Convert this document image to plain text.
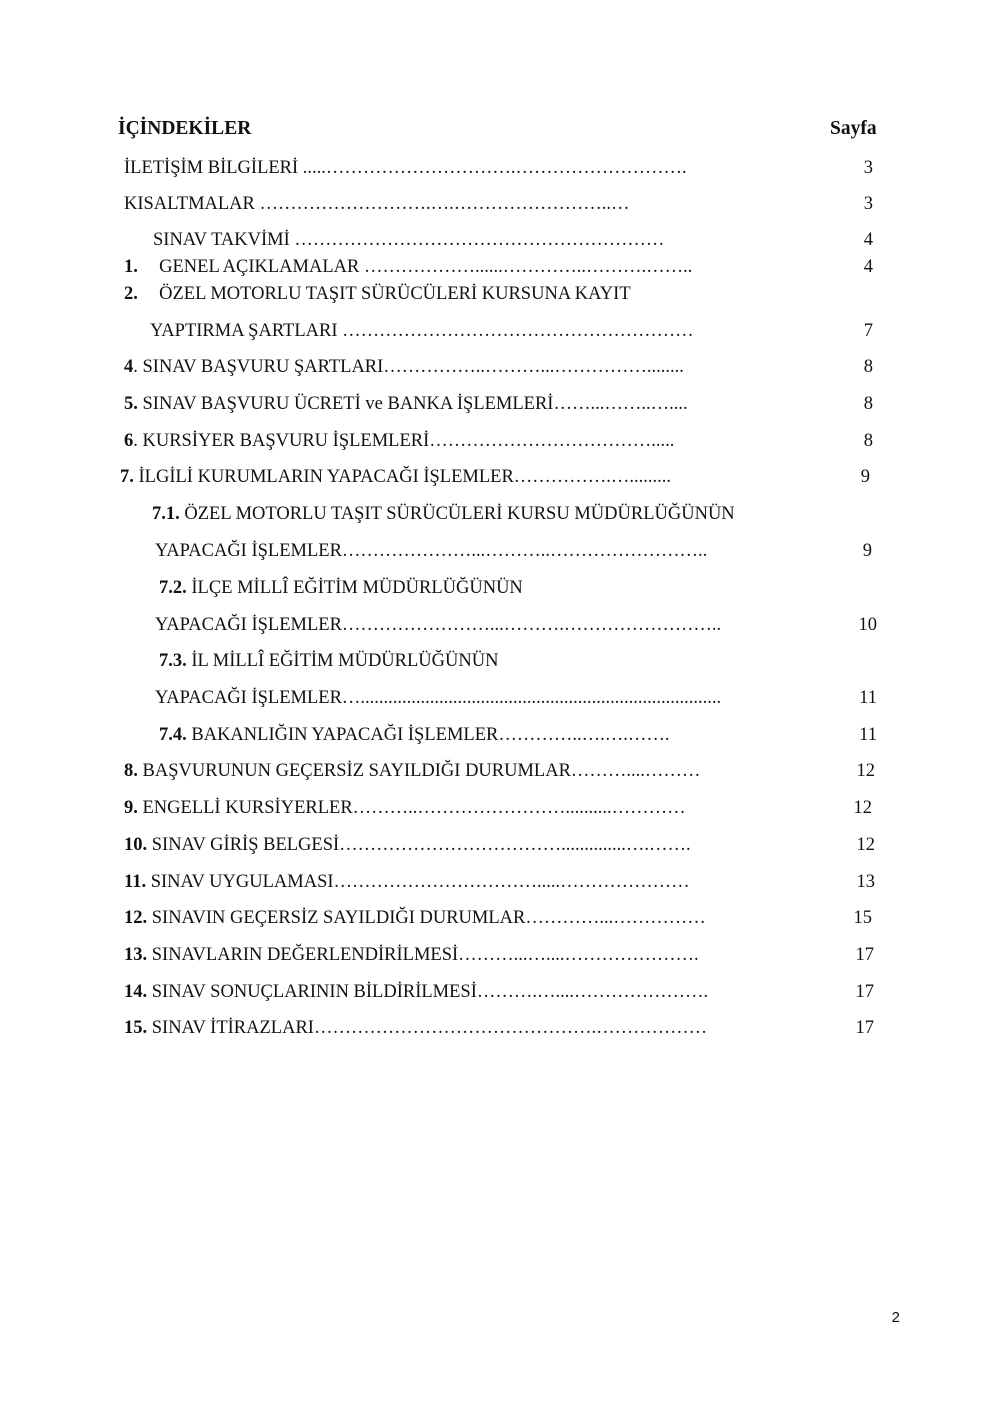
İÇİNDEKİLER	Sayfa
İLETİŞİM BİLGİLERİ .....………………………….……………………….	3
KISALTMALAR ……………………….….……………………..…	3
SINAV TAKVİMİ ……………………………………………………	4
1. GENEL AÇIKLAMALAR ………………......…………..……….……..	4
2. ÖZEL MOTORLU TAŞIT SÜRÜCÜLERİ KURSUNA KAYIT
YAPTIRMA ŞARTLARI …………………………………………………	7
4. SINAV BAŞVURU ŞARTLARI……………..………...……………........	8
5. SINAV BAŞVURU ÜCRETİ ve BANKA İŞLEMLERİ……...……..…....	8
6. KURSİYER BAŞVURU İŞLEMLERİ……………………………….....	8
7. İLGİLİ KURUMLARIN YAPACAĞI İŞLEMLER…………….….........	9
7.1. ÖZEL MOTORLU TAŞIT SÜRÜCÜLERİ KURSU MÜDÜRLÜĞÜNÜN
YAPACAĞI İŞLEMLER…………………...………..……………………..	9
7.2. İLÇE MİLLÎ EĞİTİM MÜDÜRLÜĞÜNÜN
YAPACAĞI İŞLEMLER……………………...……….……………………..	10
7.3. İL MİLLÎ EĞİTİM MÜDÜRLÜĞÜNÜN
YAPACAĞI İŞLEMLER…..............................................................................	11
7.4. BAKANLIĞIN YAPACAĞI İŞLEMLER…………..….….…….	11
8. BAŞVURUNUN GEÇERSİZ SAYILDIĞI DURUMLAR………....………	12
9. ENGELLİ KURSİYERLER………..……………………..........…………	12
10. SINAV GİRİŞ BELGESİ………………………………..............….…….	12
11. SINAV UYGULAMASI…………………………….....…………………	13
12. SINAVIN GEÇERSİZ SAYILDIĞI DURUMLAR…………...……………	15
13. SINAVLARIN DEĞERLENDİRİLMESİ………...…....………………….	17
14. SINAV SONUÇLARININ BİLDİRİLMESİ……….…....………………….	17
15. SINAV İTİRAZLARI……………………………………….………………	17
2
